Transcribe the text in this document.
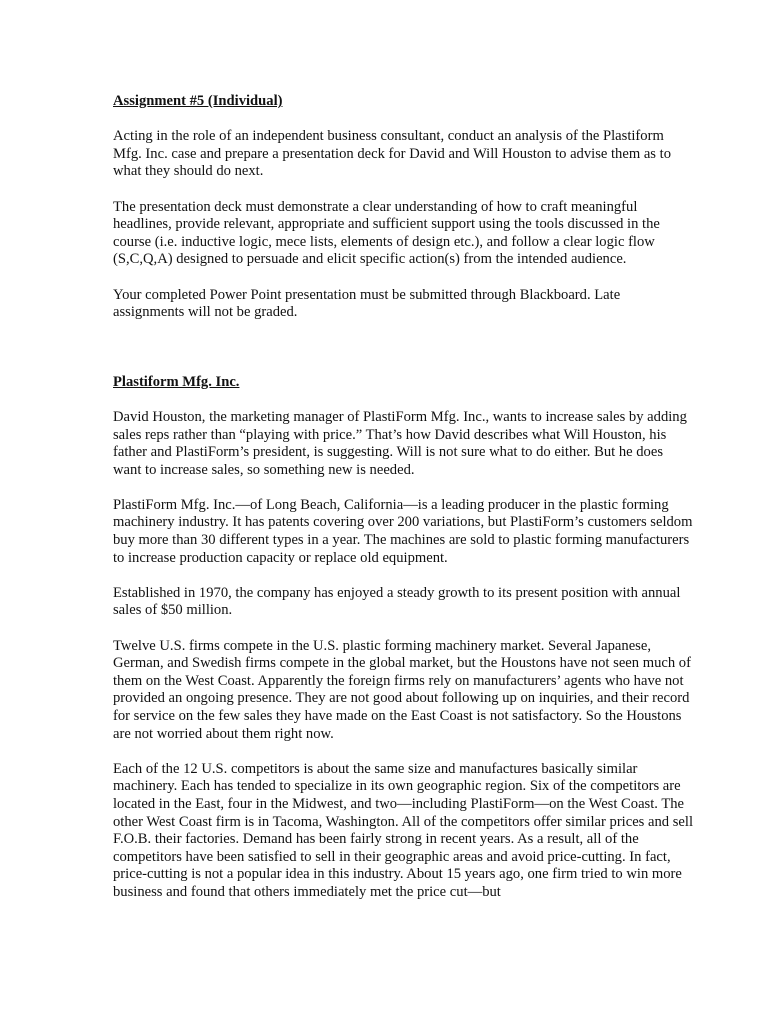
Assignment #5 (Individual)

Acting in the role of an independent business consultant, conduct an analysis of the Plastiform Mfg. Inc. case and prepare a presentation deck for David and Will Houston to advise them as to what they should do next.

The presentation deck must demonstrate a clear understanding of how to craft meaningful headlines, provide relevant, appropriate and sufficient support using the tools discussed in the course (i.e. inductive logic, mece lists, elements of design etc.), and follow a clear logic flow (S,C,Q,A) designed to persuade and elicit specific action(s) from the intended audience.

Your completed Power Point presentation must be submitted through Blackboard. Late assignments will not be graded.

Plastiform Mfg. Inc.

David Houston, the marketing manager of PlastiForm Mfg. Inc., wants to increase sales by adding sales reps rather than “playing with price.” That’s how David describes what Will Houston, his father and PlastiForm’s president, is suggesting. Will is not sure what to do either. But he does want to increase sales, so something new is needed.

PlastiForm Mfg. Inc.—of Long Beach, California—is a leading producer in the plastic forming machinery industry. It has patents covering over 200 variations, but PlastiForm’s customers seldom buy more than 30 different types in a year. The machines are sold to plastic forming manufacturers to increase production capacity or replace old equipment.

Established in 1970, the company has enjoyed a steady growth to its present position with annual sales of $50 million.

Twelve U.S. firms compete in the U.S. plastic forming machinery market. Several Japanese, German, and Swedish firms compete in the global market, but the Houstons have not seen much of them on the West Coast. Apparently the foreign firms rely on manufacturers’ agents who have not provided an ongoing presence. They are not good about following up on inquiries, and their record for service on the few sales they have made on the East Coast is not satisfactory. So the Houstons are not worried about them right now.

Each of the 12 U.S. competitors is about the same size and manufactures basically similar machinery. Each has tended to specialize in its own geographic region. Six of the competitors are located in the East, four in the Midwest, and two—including PlastiForm—on the West Coast. The other West Coast firm is in Tacoma, Washington. All of the competitors offer similar prices and sell F.O.B. their factories. Demand has been fairly strong in recent years. As a result, all of the competitors have been satisfied to sell in their geographic areas and avoid price-cutting. In fact, price-cutting is not a popular idea in this industry. About 15 years ago, one firm tried to win more business and found that others immediately met the price cut—but
